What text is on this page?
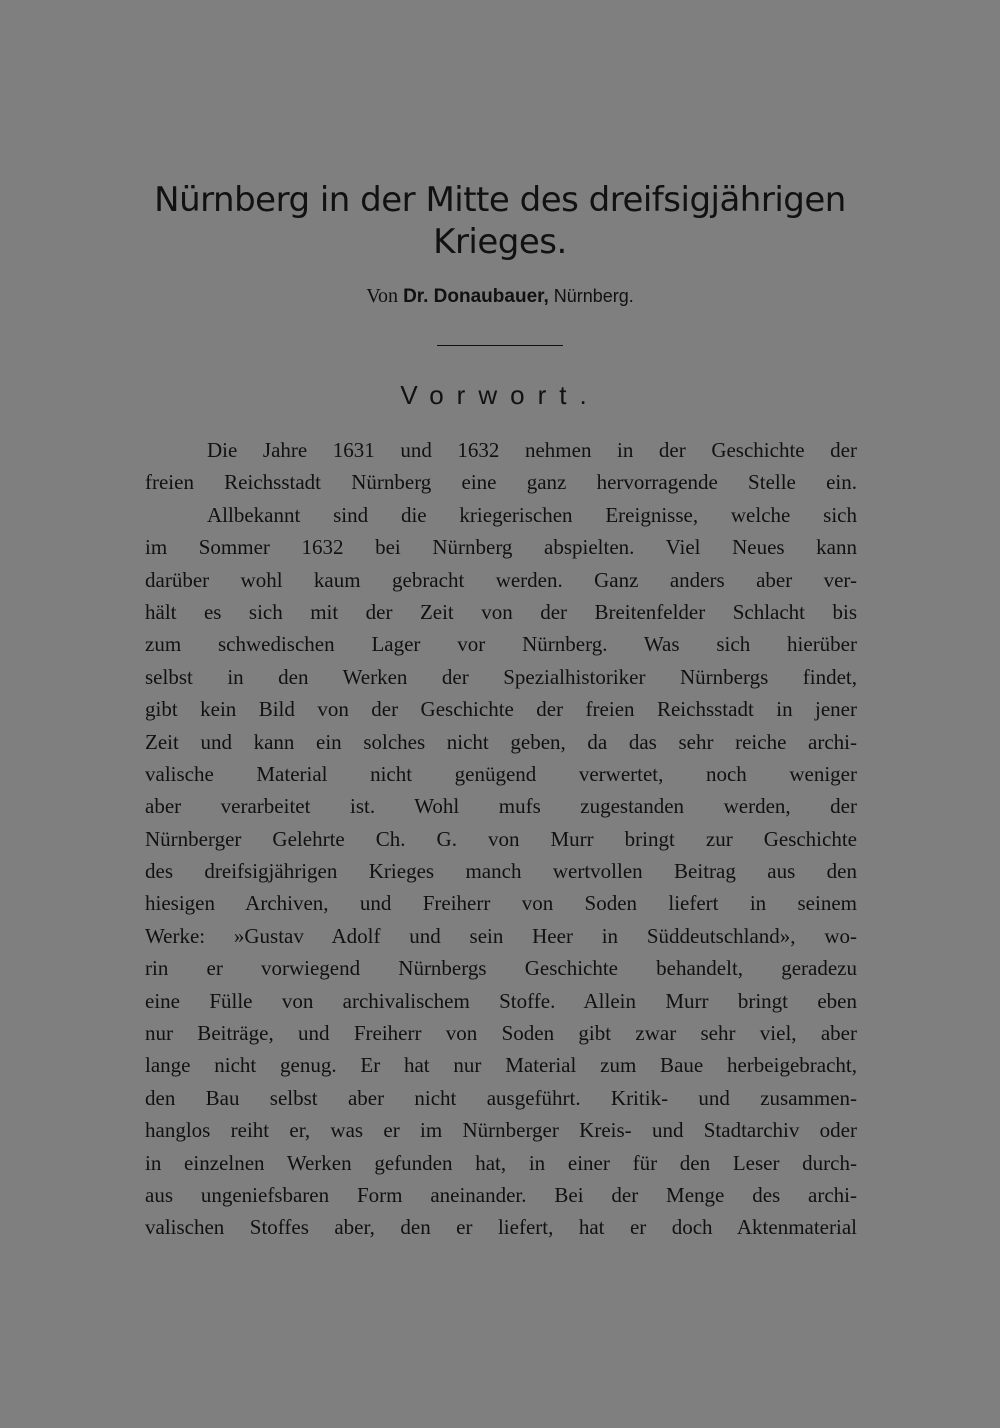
Nürnberg in der Mitte des dreifsigjährigen
Krieges.
Von Dr. Donaubauer, Nürnberg.
Vorwort.
Die Jahre 1631 und 1632 nehmen in der Geschichte der
freien Reichsstadt Nürnberg eine ganz hervorragende Stelle ein.
Allbekannt sind die kriegerischen Ereignisse, welche sich
im Sommer 1632 bei Nürnberg abspielten. Viel Neues kann
darüber wohl kaum gebracht werden. Ganz anders aber ver-
hält es sich mit der Zeit von der Breitenfelder Schlacht bis
zum schwedischen Lager vor Nürnberg. Was sich hierüber
selbst in den Werken der Spezialhistoriker Nürnbergs findet,
gibt kein Bild von der Geschichte der freien Reichsstadt in jener
Zeit und kann ein solches nicht geben, da das sehr reiche archi-
valische Material nicht genügend verwertet, noch weniger
aber verarbeitet ist. Wohl mufs zugestanden werden, der
Nürnberger Gelehrte Ch. G. von Murr bringt zur Geschichte
des dreifsigjährigen Krieges manch wertvollen Beitrag aus den
hiesigen Archiven, und Freiherr von Soden liefert in seinem
Werke: »Gustav Adolf und sein Heer in Süddeutschland», wo-
rin er vorwiegend Nürnbergs Geschichte behandelt, geradezu
eine Fülle von archivalischem Stoffe. Allein Murr bringt eben
nur Beiträge, und Freiherr von Soden gibt zwar sehr viel, aber
lange nicht genug. Er hat nur Material zum Baue herbeigebracht,
den Bau selbst aber nicht ausgeführt. Kritik- und zusammen-
hanglos reiht er, was er im Nürnberger Kreis- und Stadtarchiv oder
in einzelnen Werken gefunden hat, in einer für den Leser durch-
aus ungeniefsbaren Form aneinander. Bei der Menge des archi-
valischen Stoffes aber, den er liefert, hat er doch Aktenmaterial
